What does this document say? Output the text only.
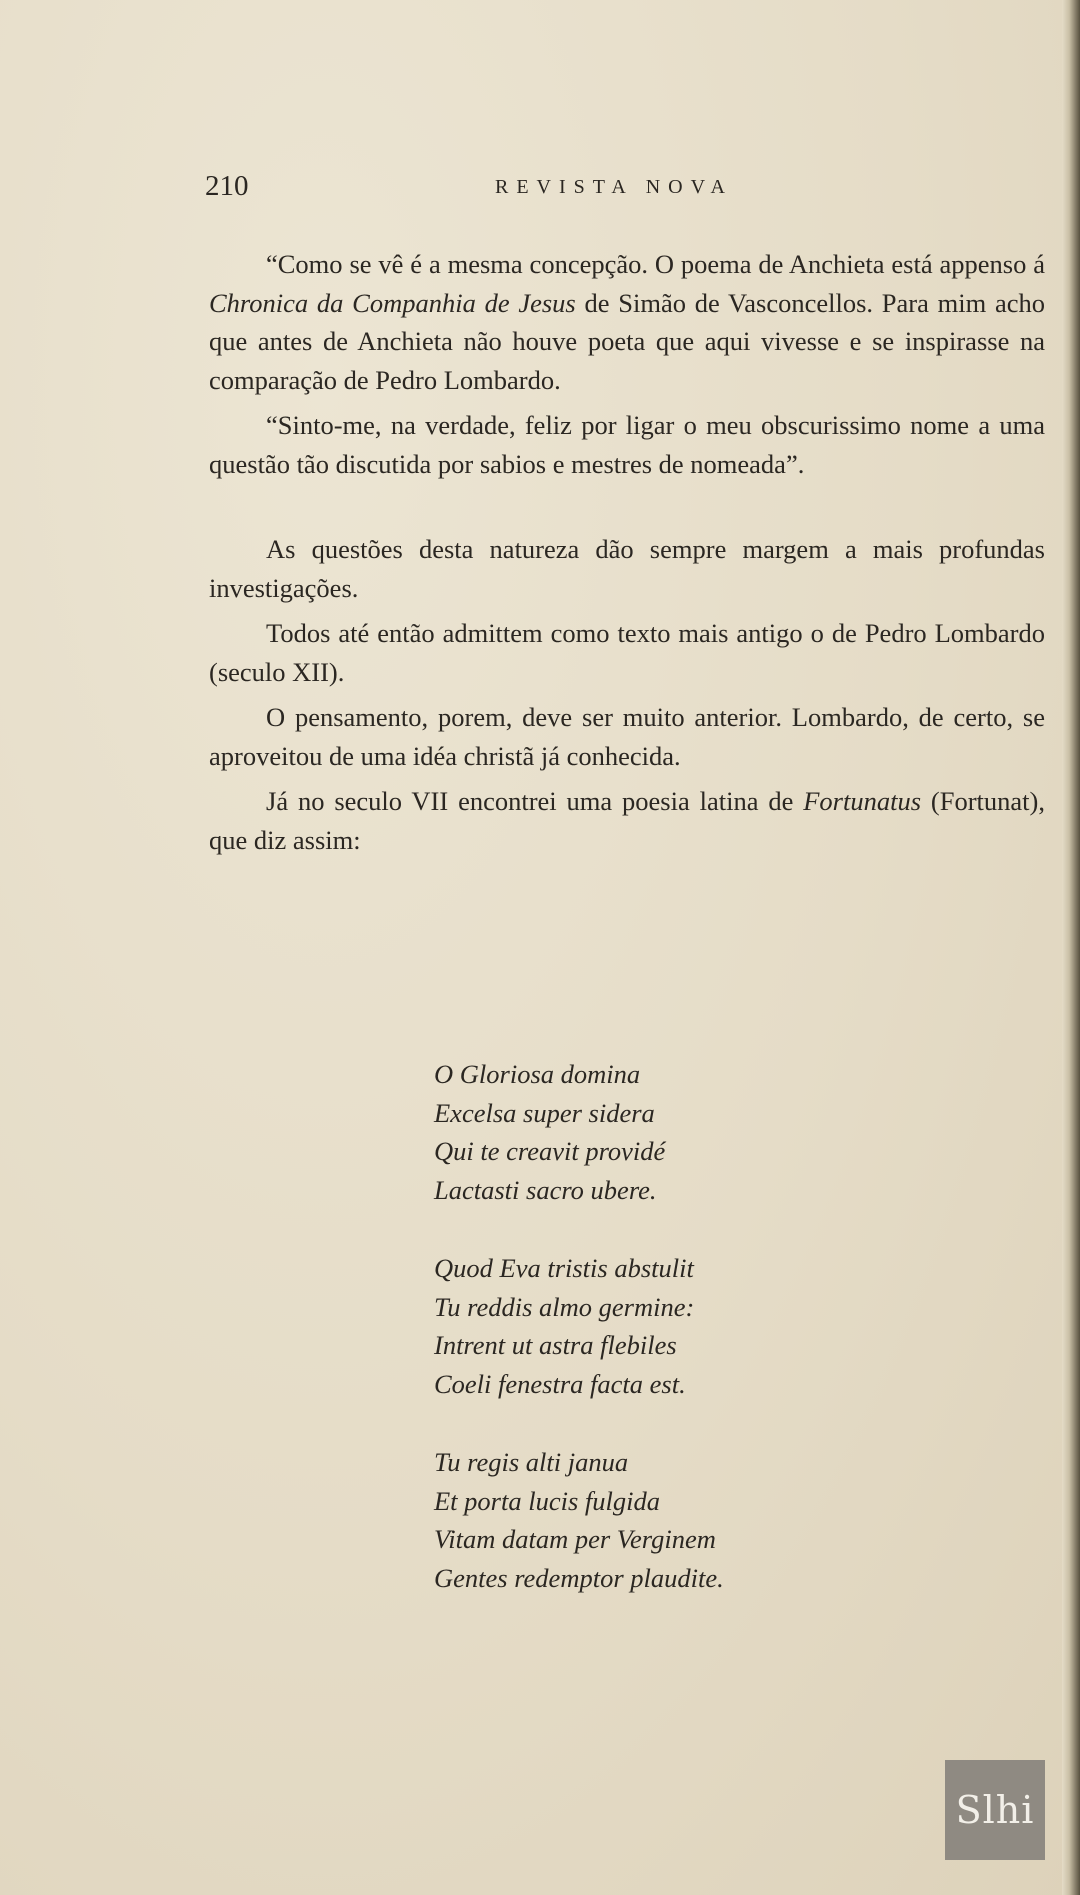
210	REVISTA NOVA

“Como se vê é a mesma concepção. O poema de Anchieta está appenso á Chronica da Companhia de Jesus de Simão de Vasconcellos. Para mim acho que antes de Anchieta não houve poeta que aqui vivesse e se inspirasse na comparação de Pedro Lombardo.

“Sinto-me, na verdade, feliz por ligar o meu obscurissimo nome a uma questão tão discutida por sabios e mestres de nomeada”.

As questões desta natureza dão sempre margem a mais profundas investigações.

Todos até então admittem como texto mais antigo o de Pedro Lombardo (seculo XII).

O pensamento, porem, deve ser muito anterior. Lombardo, de certo, se aproveitou de uma idéa christã já conhecida.

Já no seculo VII encontrei uma poesia latina de Fortunatus (Fortunat), que diz assim:

O Gloriosa domina
Excelsa super sidera
Qui te creavit providé
Lactasti sacro ubere.
Quod Eva tristis abstulit
Tu reddis almo germine:
Intrent ut astra flebiles
Coeli fenestra facta est.
Tu regis alti janua
Et porta lucis fulgida
Vitam datam per Verginem
Gentes redemptor plaudite.
Slhi
